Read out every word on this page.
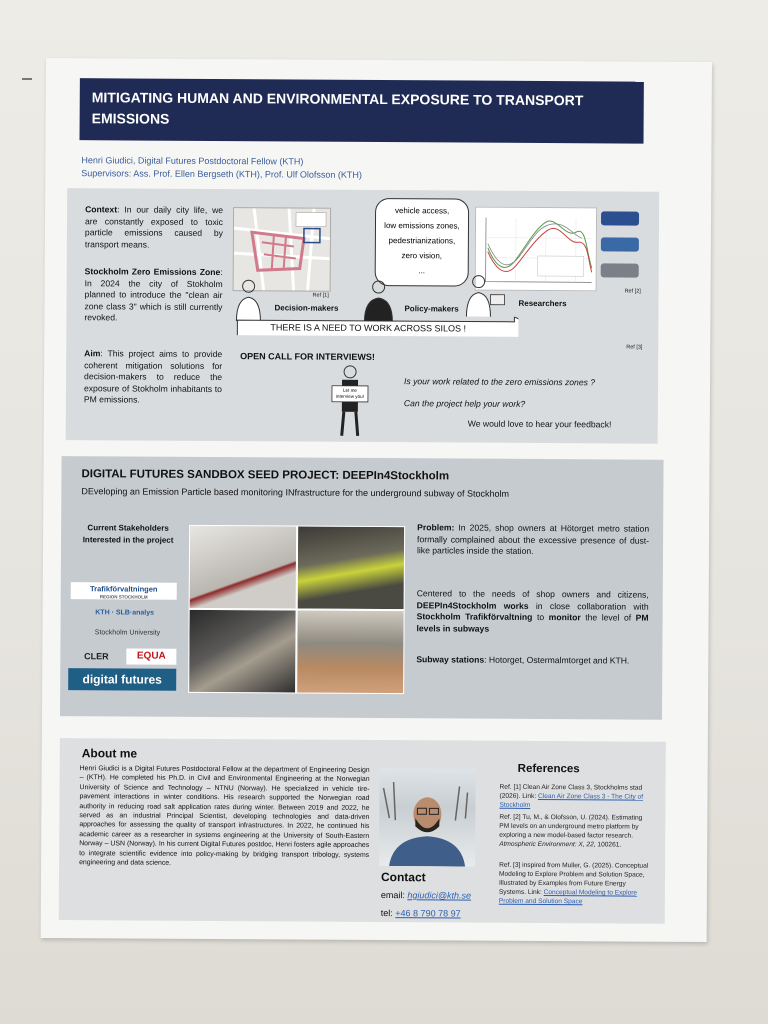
MITIGATING HUMAN AND ENVIRONMENTAL EXPOSURE TO TRANSPORT EMISSIONS
Henri Giudici, Digital Futures Postdoctoral Fellow (KTH)
Supervisors: Ass. Prof. Ellen Bergseth (KTH), Prof. Ulf Olofsson (KTH)
Context: In our daily city life, we are constantly exposed to toxic particle emissions caused by transport means.
Stockholm Zero Emissions Zone: In 2024 the city of Stokholm planned to introduce the "clean air zone class 3" which is still currently revoked.
Aim: This project aims to provide coherent mitigation solutions for decision-makers to reduce the exposure of Stokholm inhabitants to PM emissions.
Ref [1]
vehicle access,
low emissions zones,
pedestrianizations,
zero vision,
...
Ref [2]
Decision-makers	Policy-makers
Researchers
THERE IS A NEED TO WORK ACROSS SILOS !
Ref [3]
OPEN CALL FOR INTERVIEWS!
Let me interview you!
Is your work related to the zero emissions zones ?
Can the project help your work?
We would love to hear your feedback!
DIGITAL FUTURES SANDBOX SEED PROJECT: DEEPIn4Stockholm
DEveloping an Emission Particle based monitoring INfrastructure for the underground subway of Stockholm
Current Stakeholders Interested in the project
Trafikförvaltningen
REGION STOCKHOLM
KTH · SLB·analys
Stockholm University
CLER	EQUA
digital futures
Problem: In 2025, shop owners at Hötorget metro station formally complained about the excessive presence of dust-like particles inside the station.
Centered to the needs of shop owners and citizens, DEEPIn4Stockholm works in close collaboration with Stockholm Trafikförvaltning to monitor the level of PM levels in subways
Subway stations: Hotorget, Ostermalmtorget and KTH.
About me
Henri Giudici is a Digital Futures Postdoctoral Fellow at the department of Engineering Design – (KTH). He completed his Ph.D. in Civil and Environmental Engineering at the Norwegian University of Science and Technology – NTNU (Norway). He specialized in vehicle tire-pavement interactions in winter conditions. His research supported the Norwegian road authority in reducing road salt application rates during winter. Between 2019 and 2022, he served as an industrial Principal Scientist, developing technologies and data-driven approaches for assessing the quality of transport infrastructures. In 2022, he continued his academic career as a researcher in systems engineering at the University of South-Eastern Norway – USN (Norway). In his current Digital Futures postdoc, Henri fosters agile approaches to integrate scientific evidence into policy-making by bridging transport tribology, systems engineering and data science.
Contact
email: hgiudici@kth.se
tel: +46 8 790 78 97
References
Ref. [1] Clean Air Zone Class 3, Stockholms stad (2026). Link: Clean Air Zone Class 3 - The City of Stockholm
Ref. [2] Tu, M., & Olofsson, U. (2024). Estimating PM levels on an underground metro platform by exploring a new model-based factor research. Atmospheric Environment: X, 22, 100261.
Ref. [3] inspired from Muller, G. (2025). Conceptual Modeling to Explore Problem and Solution Space, Illustrated by Examples from Future Energy Systems. Link: Conceptual Modeling to Explore Problem and Solution Space
